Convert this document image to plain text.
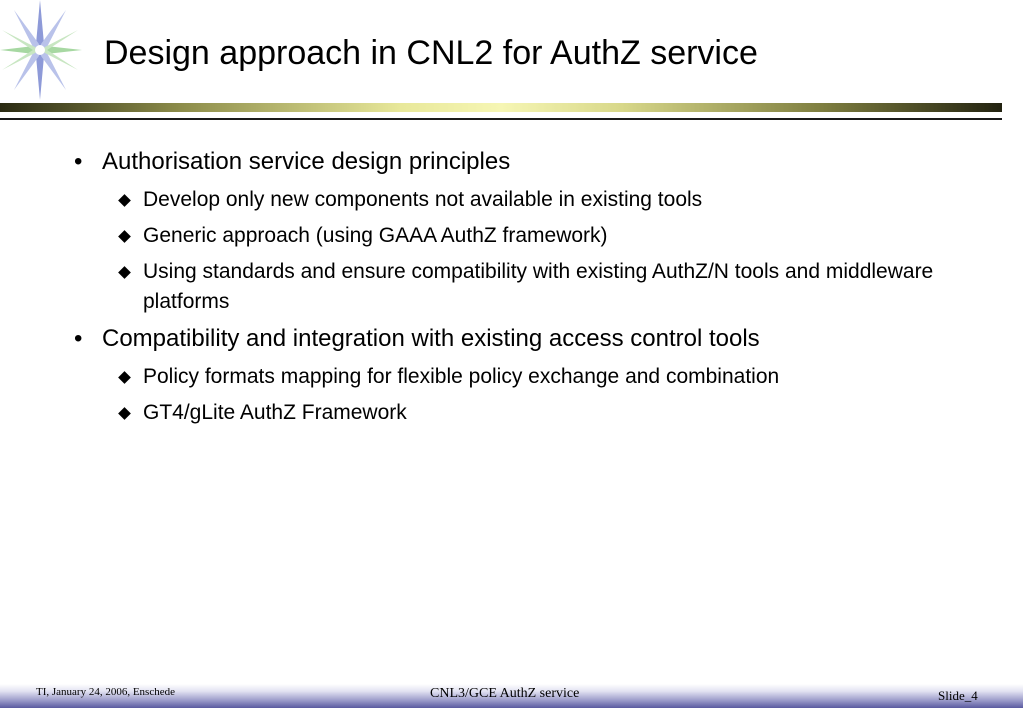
Design approach in CNL2 for AuthZ service
• Authorisation service design principles
Develop only new components not available in existing tools
Generic approach (using GAAA AuthZ framework)
Using standards and ensure compatibility with existing AuthZ/N tools and middleware platforms
• Compatibility and integration with existing access control tools
Policy formats mapping for flexible policy exchange and combination
GT4/gLite AuthZ Framework
TI, January 24, 2006, Enschede	CNL3/GCE AuthZ service	Slide_4
